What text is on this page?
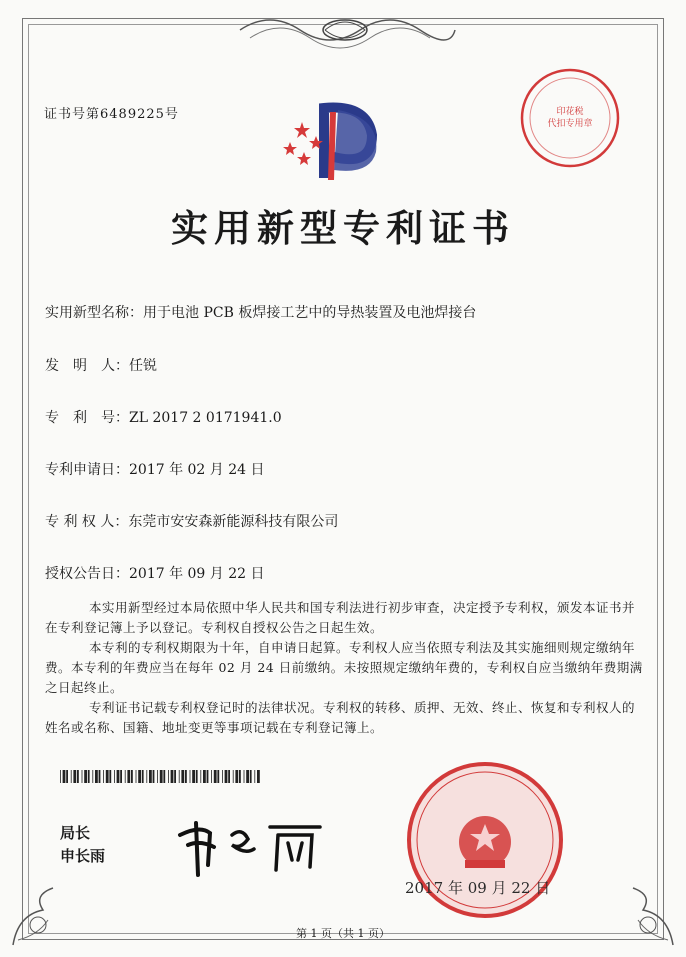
证书号第6489225号	印花税
代扣专用章
实用新型专利证书
实用新型名称：用于电池 PCB 板焊接工艺中的导热装置及电池焊接台
发　明　人：任锐
专　利　号：ZL 2017 2 0171941.0
专利申请日：2017 年 02 月 24 日
专 利 权 人：东莞市安安森新能源科技有限公司
授权公告日：2017 年 09 月 22 日

本实用新型经过本局依照中华人民共和国专利法进行初步审查，决定授予专利权，颁发本证书并在专利登记簿上予以登记。专利权自授权公告之日起生效。

本专利的专利权期限为十年，自申请日起算。专利权人应当依照专利法及其实施细则规定缴纳年费。本专利的年费应当在每年 02 月 24 日前缴纳。未按照规定缴纳年费的，专利权自应当缴纳年费期满之日起终止。

专利证书记载专利权登记时的法律状况。专利权的转移、质押、无效、终止、恢复和专利权人的姓名或名称、国籍、地址变更等事项记载在专利登记簿上。

局长
申长雨
2017 年 09 月 22 日
第 1 页（共 1 页）
